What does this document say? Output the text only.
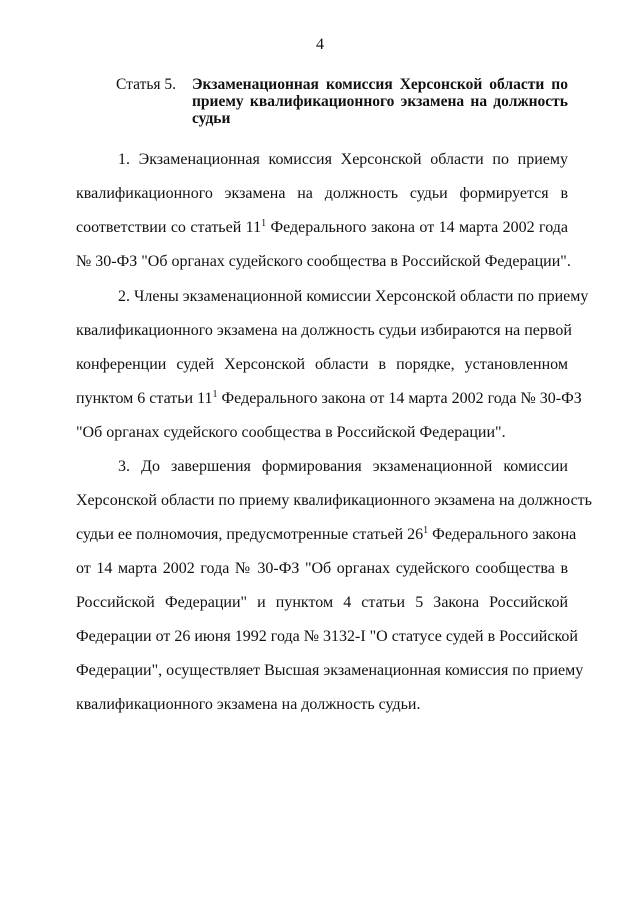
4
Статья 5. Экзаменационная комиссия Херсонской области по
приему квалификационного экзамена на должность
судьи
1. Экзаменационная комиссия Херсонской области по приему
квалификационного экзамена на должность судьи формируется в
соответствии со статьей $11^1$ Федерального закона от 14 марта 2002 года
№ 30-ФЗ "Об органах судейского сообщества в Российской Федерации".
2. Члены экзаменационной комиссии Херсонской области по приему
квалификационного экзамена на должность судьи избираются на первой
конференции судей Херсонской области в порядке, установленном
пунктом 6 статьи $11^1$ Федерального закона от 14 марта 2002 года № 30-ФЗ
"Об органах судейского сообщества в Российской Федерации".
3. До завершения формирования экзаменационной комиссии
Херсонской области по приему квалификационного экзамена на должность
судьи ее полномочия, предусмотренные статьей $26^1$ Федерального закона
от 14 марта 2002 года № 30-ФЗ "Об органах судейского сообщества в
Российской Федерации" и пунктом 4 статьи 5 Закона Российской
Федерации от 26 июня 1992 года № 3132-I "О статусе судей в Российской
Федерации", осуществляет Высшая экзаменационная комиссия по приему
квалификационного экзамена на должность судьи.
